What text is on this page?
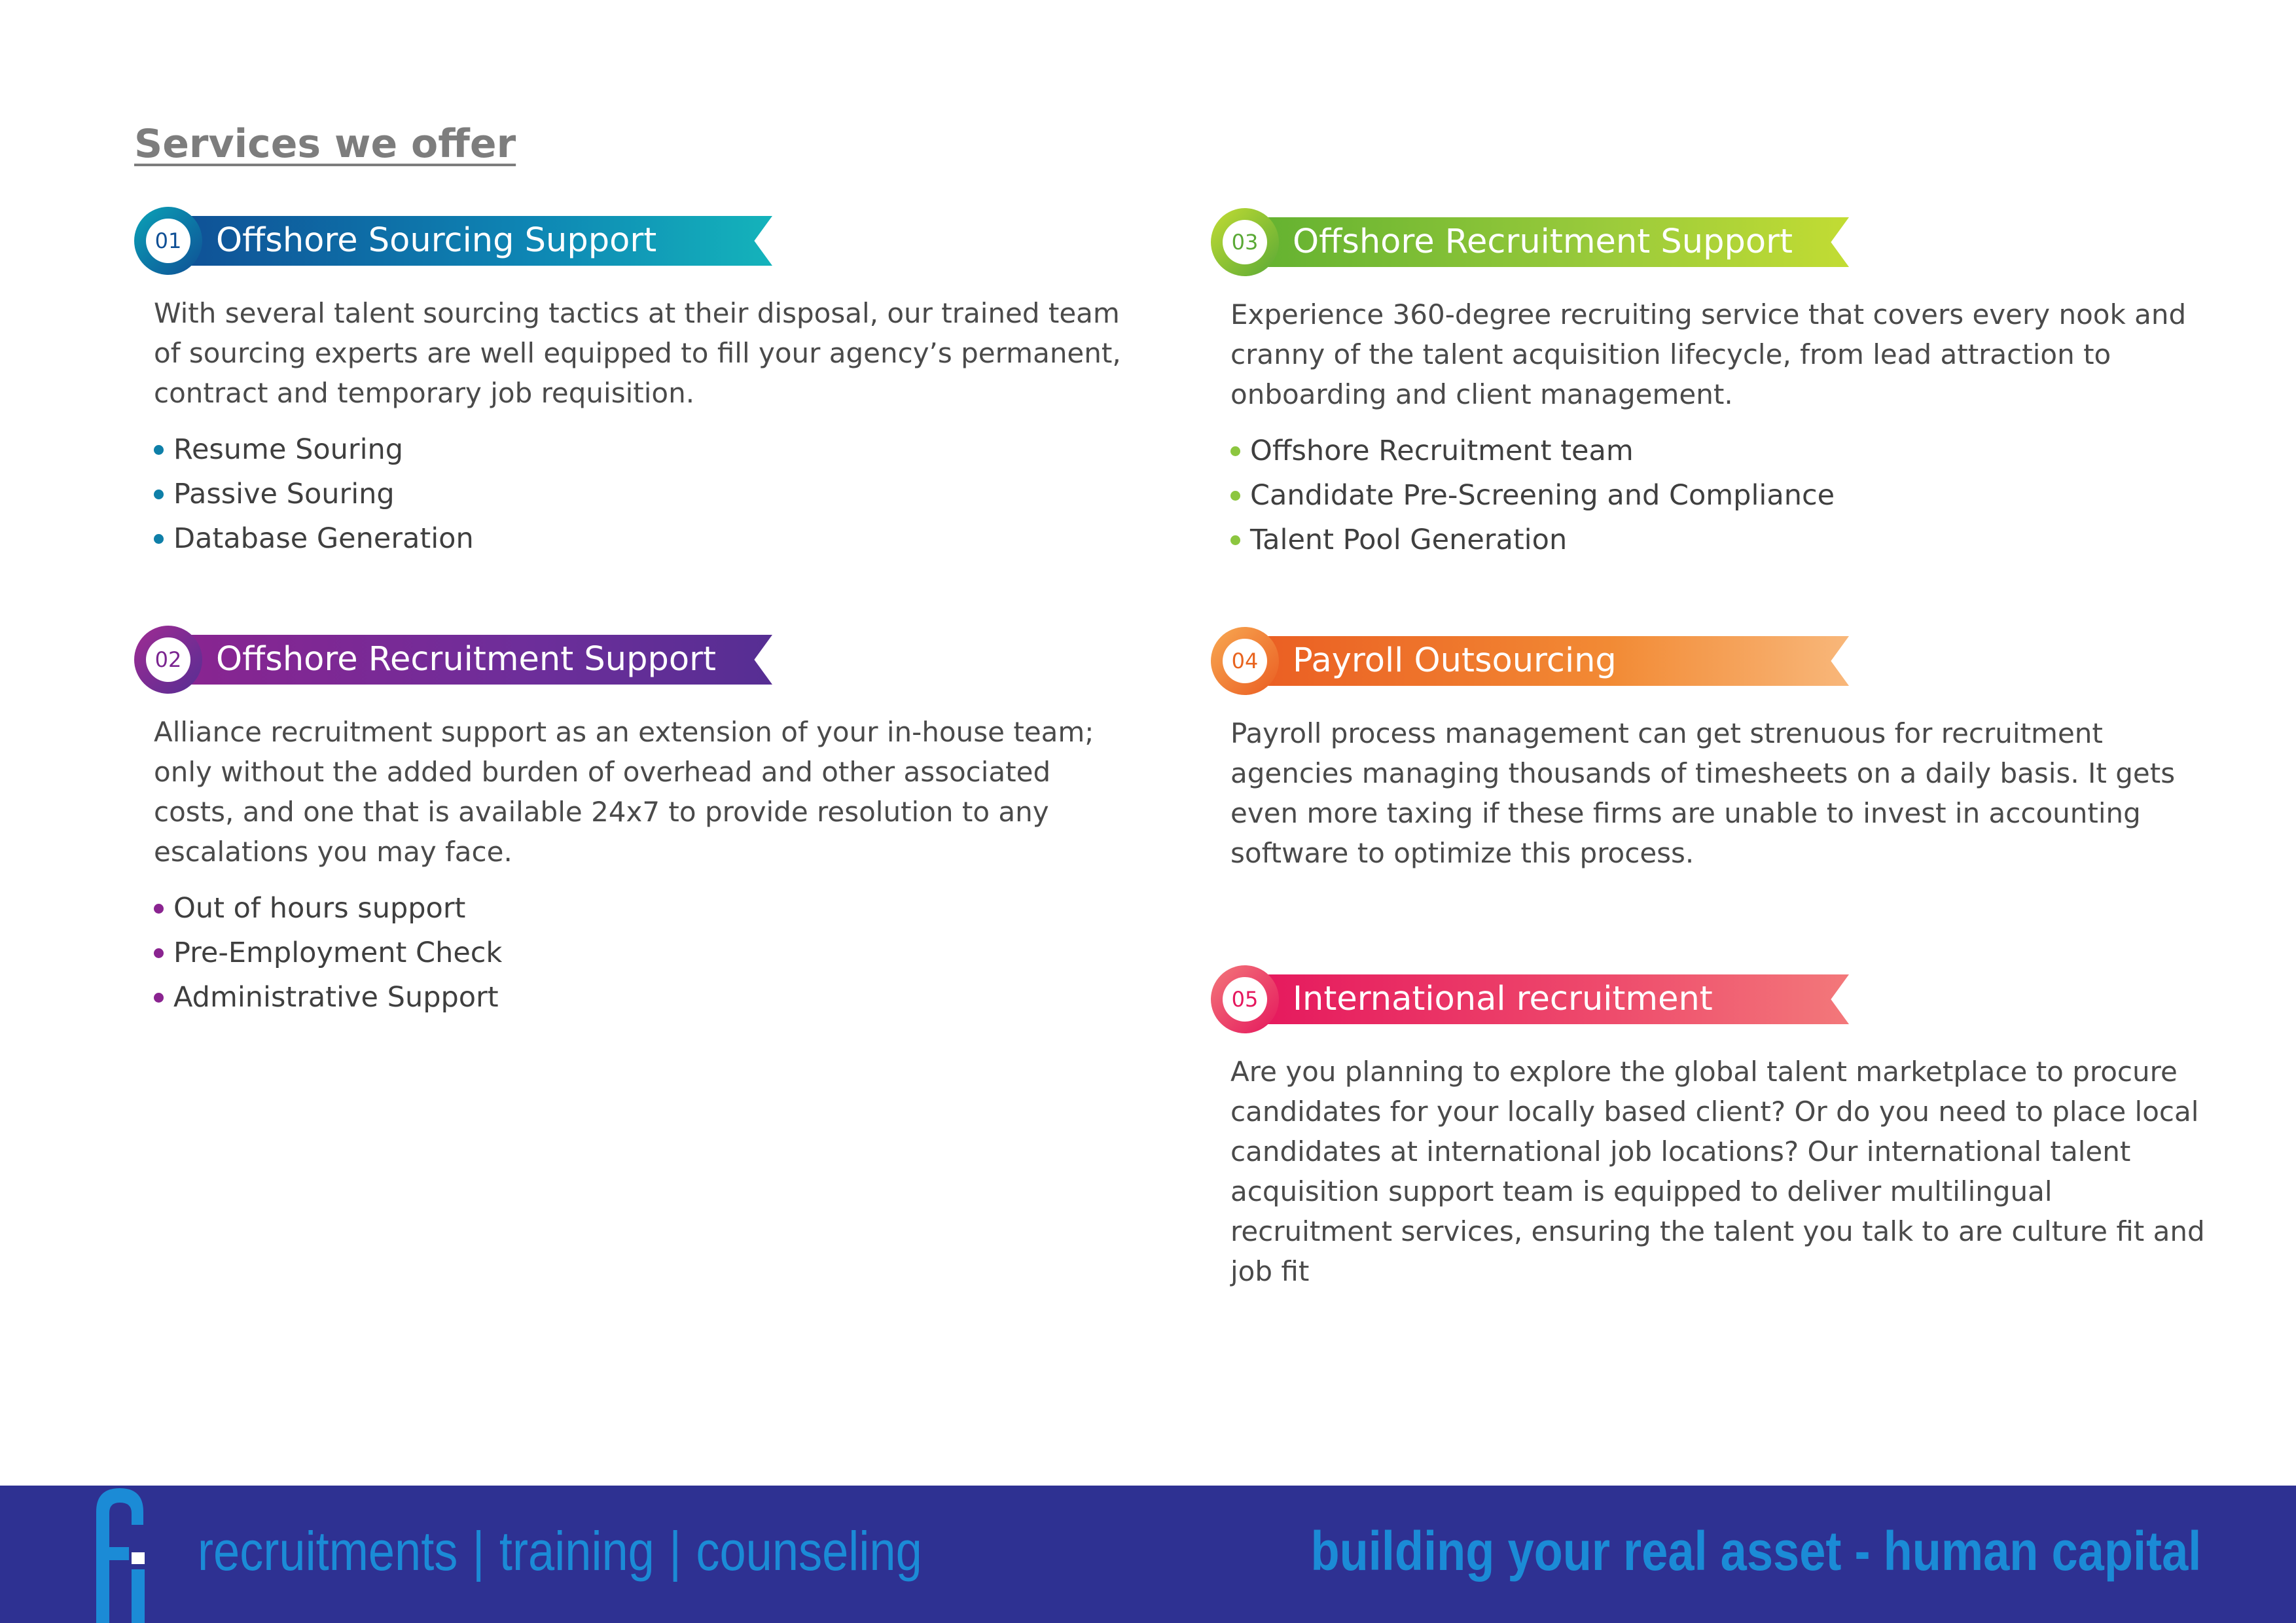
Services we offer
01 Offshore Sourcing Support
With several talent sourcing tactics at their disposal, our trained team of sourcing experts are well equipped to fill your agency’s permanent, contract and temporary job requisition.
Resume Souring
Passive Souring
Database Generation
02 Offshore Recruitment Support
Alliance recruitment support as an extension of your in-house team; only without the added burden of overhead and other associated costs, and one that is available 24x7 to provide resolution to any escalations you may face.
Out of hours support
Pre-Employment Check
Administrative Support
03 Offshore Recruitment Support
Experience 360-degree recruiting service that covers every nook and cranny of the talent acquisition lifecycle, from lead attraction to onboarding and client management.
Offshore Recruitment team
Candidate Pre-Screening and Compliance
Talent Pool Generation
04 Payroll Outsourcing
Payroll process management can get strenuous for recruitment agencies managing thousands of timesheets on a daily basis. It gets even more taxing if these firms are unable to invest in accounting software to optimize this process.
05 International recruitment
Are you planning to explore the global talent marketplace to procure candidates for your locally based client? Or do you need to place local candidates at international job locations? Our international talent acquisition support team is equipped to deliver multilingual recruitment services, ensuring the talent you talk to are culture fit and job fit
recruitments | training | counseling	building your real asset - human capital
